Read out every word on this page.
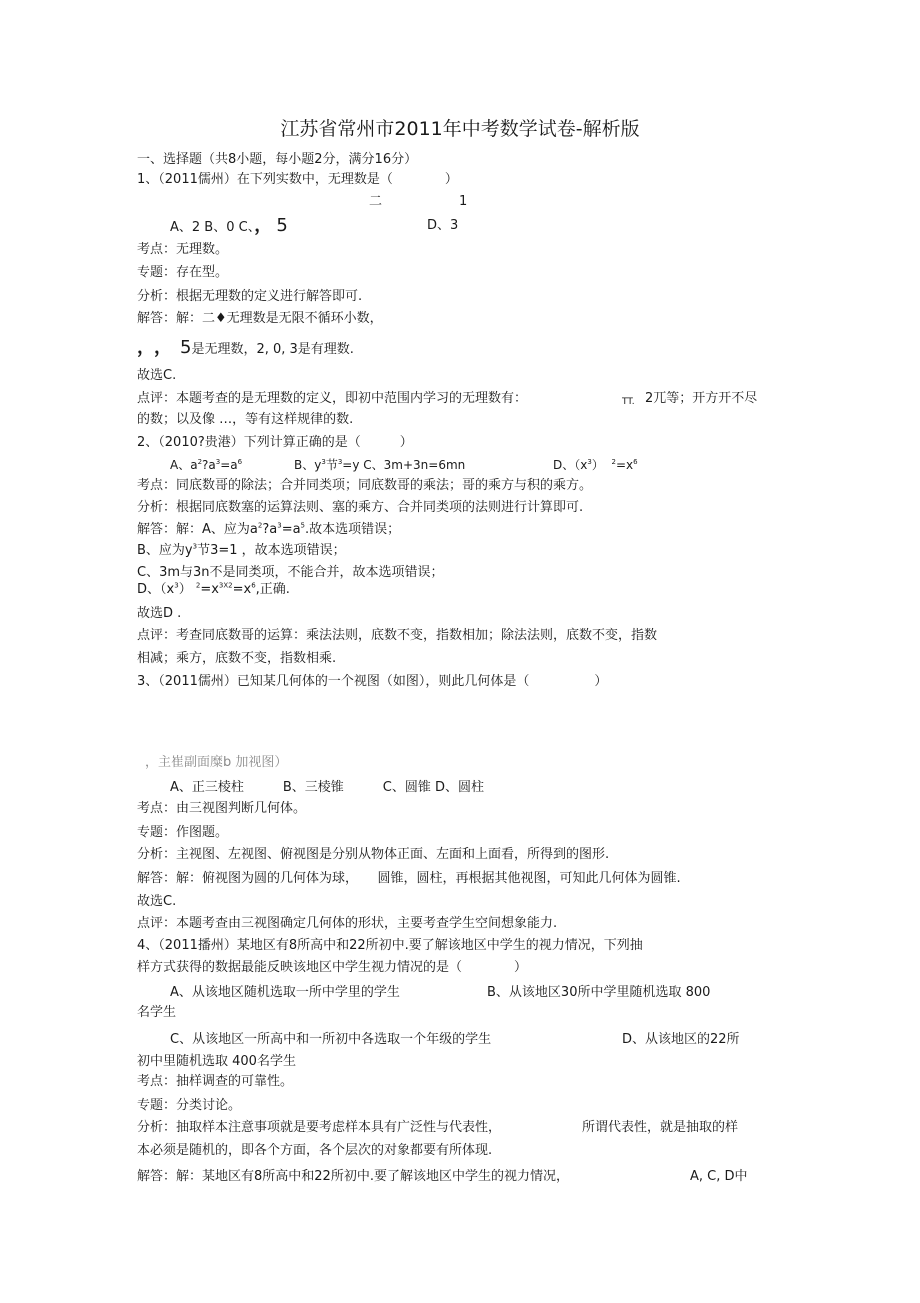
江苏省常州市2011年中考数学试卷-解析版
一、选择题（共8小题，每小题2分，满分16分）
1、（2011儒州）在下列实数中，无理数是（　　　　）
二	1
A、2 B、0 C、， 5	D、3
考点：无理数。
专题：存在型。
分析：根据无理数的定义进行解答即可.
解答：解：二♦无理数是无限不循环小数，
，，5是无理数，2, 0, 3是有理数.
故选C.
点评：本题考查的是无理数的定义，即初中范围内学习的无理数有：	TT. 2兀等；开方开不尽
的数；以及像 …，等有这样规律的数.
2、（2010?贵港）下列计算正确的是（　　　）
A、$a^2?a^3=a^6$	B、$y^3$节$^3$=y C、3m+3n=6mn	D、$(x^3)$ $^2=x^6$
考点：同底数哥的除法；合并同类项；同底数哥的乘法；哥的乘方与积的乘方。
分析：根据同底数塞的运算法则、塞的乘方、合并同类项的法则进行计算即可.
解答：解：A、应为$a^2?a^3=a^5$.故本选项错误；
B、应为$y^3$节3=1 ，故本选项错误；
C、3m与3n不是同类项，不能合并，故本选项错误；
D、$(x^3)$ $^2=x^{3X2}=x^6$,正确.
故选D .
点评：考查同底数哥的运算：乘法法则，底数不变，指数相加；除法法则，底数不变，指数
相减；乘方，底数不变，指数相乘.
3、（2011儒州）已知某几何体的一个视图（如图），则此几何体是（　　　　　）
，主崔副面糜b 加视图）
A、正三棱柱　　　B、三棱锥　　　C、圆锥 D、圆柱
考点：由三视图判断几何体。
专题：作图题。
分析：主视图、左视图、俯视图是分别从物体正面、左面和上面看，所得到的图形.
解答：解：俯视图为圆的几何体为球，　　圆锥，圆柱，再根据其他视图，可知此几何体为圆锥.
故选C.
点评：本题考查由三视图确定几何体的形状，主要考查学生空间想象能力.
4、（2011播州）某地区有8所高中和22所初中.要了解该地区中学生的视力情况，下列抽
样方式获得的数据最能反映该地区中学生视力情况的是（　　　　）
A、从该地区随机选取一所中学里的学生	B、从该地区30所中学里随机选取 800
名学生
C、从该地区一所高中和一所初中各选取一个年级的学生	D、从该地区的22所
初中里随机选取 400名学生
考点：抽样调查的可靠性。
专题：分类讨论。
分析：抽取样本注意事项就是要考虑样本具有广泛性与代表性，	所谓代表性，就是抽取的样
本必须是随机的，即各个方面，各个层次的对象都要有所体现.
解答：解：某地区有8所高中和22所初中.要了解该地区中学生的视力情况，	A, C, D中
